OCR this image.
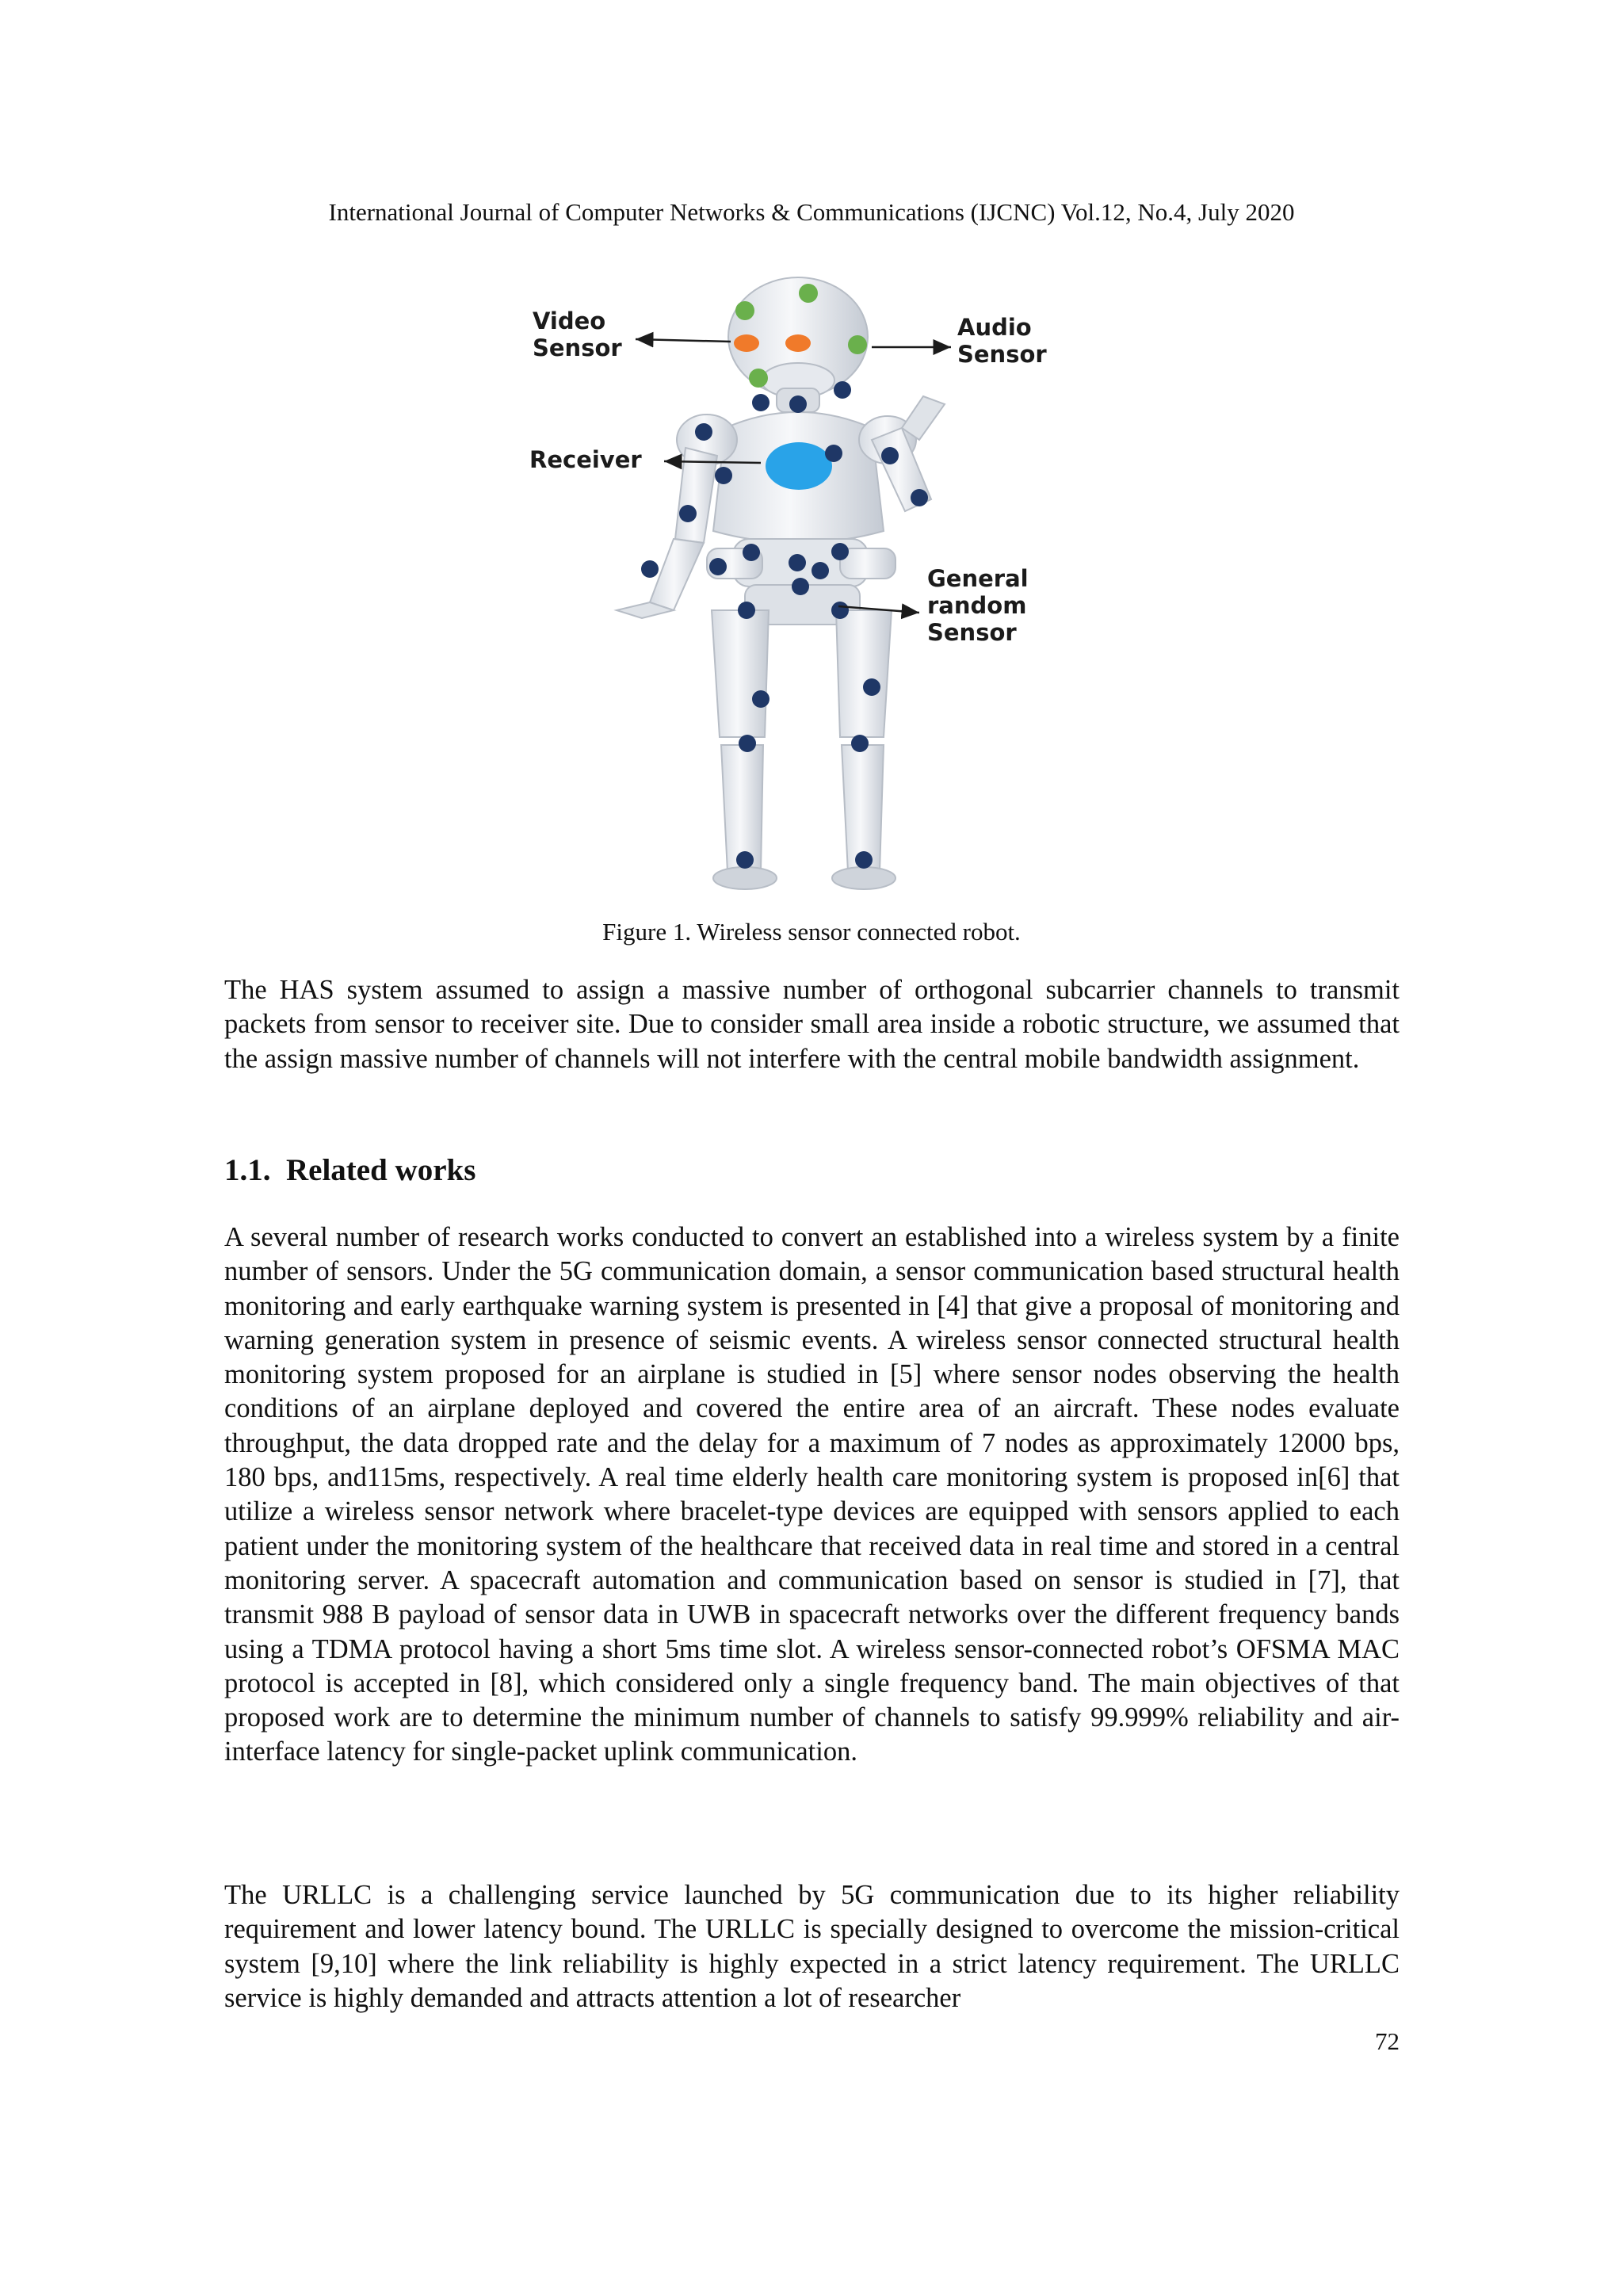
International Journal of Computer Networks & Communications (IJCNC) Vol.12, No.4, July 2020
Video Sensor
Audio Sensor
Receiver
General random Sensor
Figure 1. Wireless sensor connected robot.

The HAS system assumed to assign a massive number of orthogonal subcarrier channels to transmit packets from sensor to receiver site. Due to consider small area inside a robotic structure, we assumed that the assign massive number of channels will not interfere with the central mobile bandwidth assignment.

1.1. Related works

A several number of research works conducted to convert an established into a wireless system by a finite number of sensors. Under the 5G communication domain, a sensor communication based structural health monitoring and early earthquake warning system is presented in [4] that give a proposal of monitoring and warning generation system in presence of seismic events. A wireless sensor connected structural health monitoring system proposed for an airplane is studied in [5] where sensor nodes observing the health conditions of an airplane deployed and covered the entire area of an aircraft. These nodes evaluate throughput, the data dropped rate and the delay for a maximum of 7 nodes as approximately 12000 bps, 180 bps, and115ms, respectively. A real time elderly health care monitoring system is proposed in[6] that utilize a wireless sensor network where bracelet-type devices are equipped with sensors applied to each patient under the monitoring system of the healthcare that received data in real time and stored in a central monitoring server. A spacecraft automation and communication based on sensor is studied in [7], that transmit 988 B payload of sensor data in UWB in spacecraft networks over the different frequency bands using a TDMA protocol having a short 5ms time slot. A wireless sensor-connected robot’s OFSMA MAC protocol is accepted in [8], which considered only a single frequency band. The main objectives of that proposed work are to determine the minimum number of channels to satisfy 99.999% reliability and air-interface latency for single-packet uplink communication.

The URLLC is a challenging service launched by 5G communication due to its higher reliability requirement and lower latency bound. The URLLC is specially designed to overcome the mission-critical system [9,10] where the link reliability is highly expected in a strict latency requirement. The URLLC service is highly demanded and attracts attention a lot of researcher

72
